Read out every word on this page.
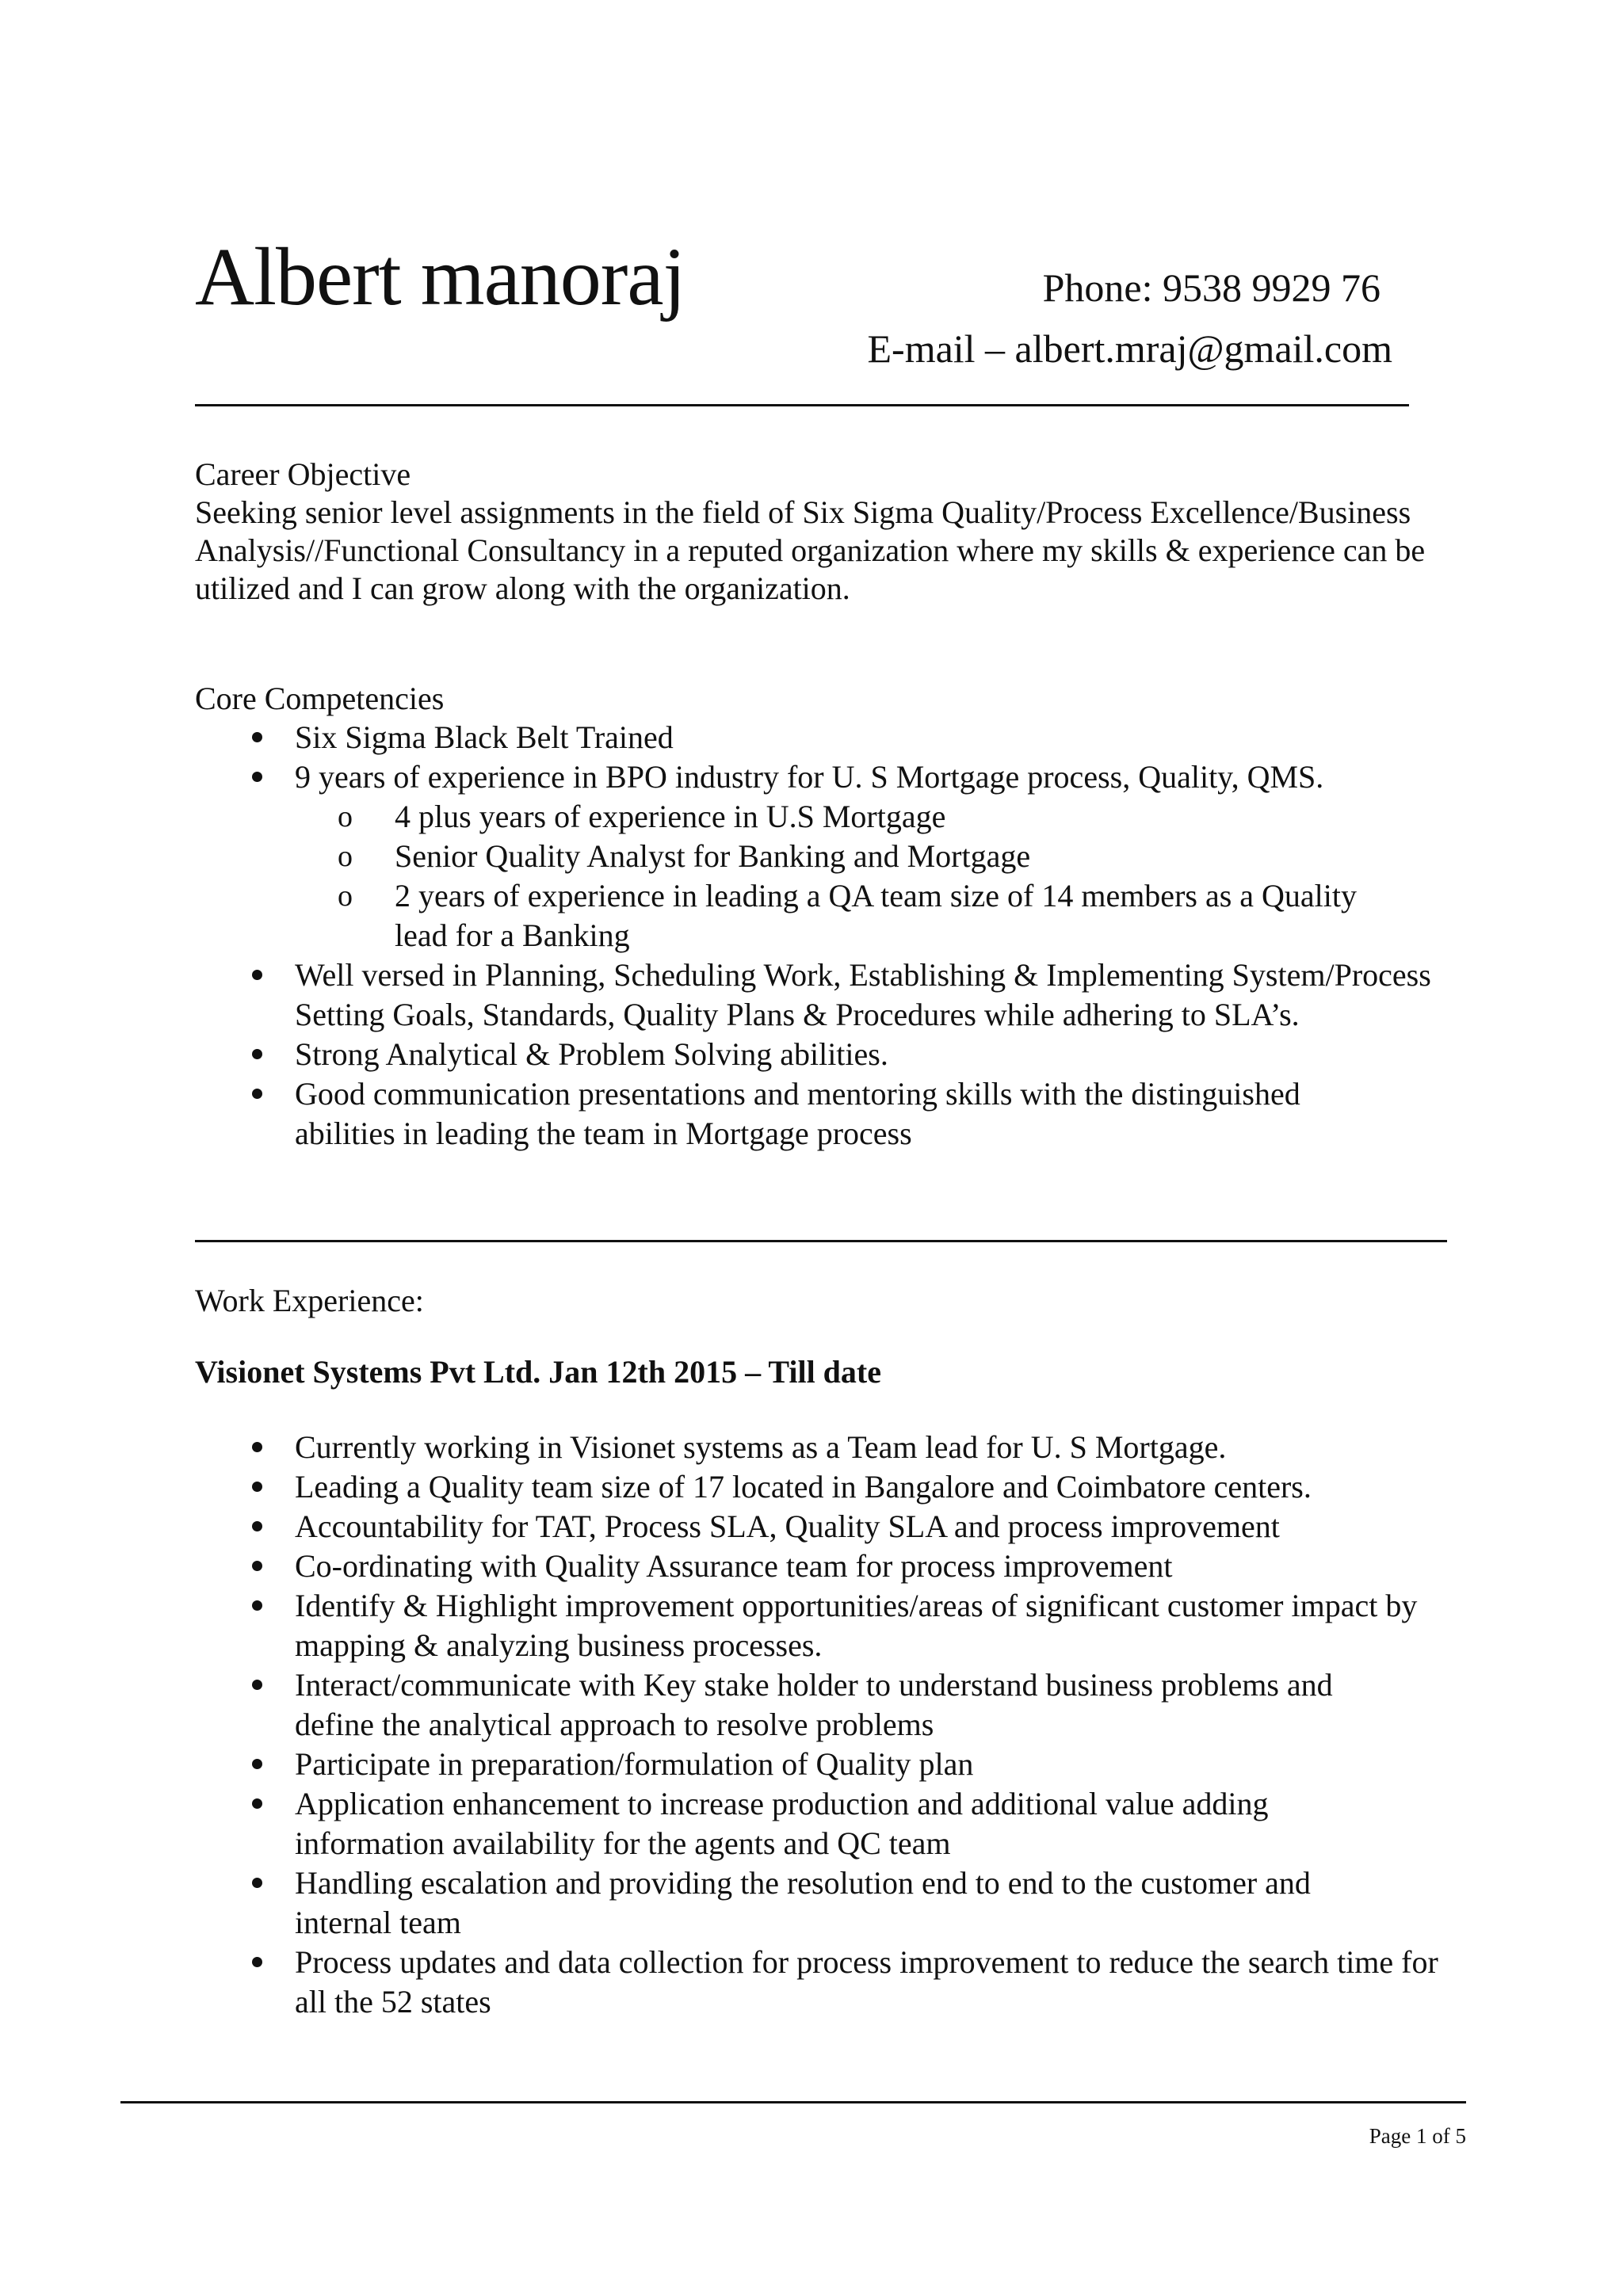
Albert manoraj	Phone: 9538 9929 76
E-mail – albert.mraj@gmail.com
Career Objective

Seeking senior level assignments in the field of Six Sigma Quality/Process Excellence/Business Analysis//Functional Consultancy in a reputed organization where my skills & experience can be utilized and I can grow along with the organization.

Core Competencies
Six Sigma Black Belt Trained
9 years of experience in BPO industry for U. S Mortgage process, Quality, QMS.
o 4 plus years of experience in U.S Mortgage
o Senior Quality Analyst for Banking and Mortgage
o 2 years of experience in leading a QA team size of 14 members as a Quality lead for a Banking
Well versed in Planning, Scheduling Work, Establishing & Implementing System/Process Setting Goals, Standards, Quality Plans & Procedures while adhering to SLA’s.
Strong Analytical & Problem Solving abilities.
Good communication presentations and mentoring skills with the distinguished abilities in leading the team in Mortgage process
Work Experience:
Visionet Systems Pvt Ltd. Jan 12th 2015 – Till date
Currently working in Visionet systems as a Team lead for U. S Mortgage.
Leading a Quality team size of 17 located in Bangalore and Coimbatore centers.
Accountability for TAT, Process SLA, Quality SLA and process improvement
Co-ordinating with Quality Assurance team for process improvement
Identify & Highlight improvement opportunities/areas of significant customer impact by mapping & analyzing business processes.
Interact/communicate with Key stake holder to understand business problems and define the analytical approach to resolve problems
Participate in preparation/formulation of Quality plan
Application enhancement to increase production and additional value adding information availability for the agents and QC team
Handling escalation and providing the resolution end to end to the customer and internal team
Process updates and data collection for process improvement to reduce the search time for all the 52 states
Page 1 of 5
